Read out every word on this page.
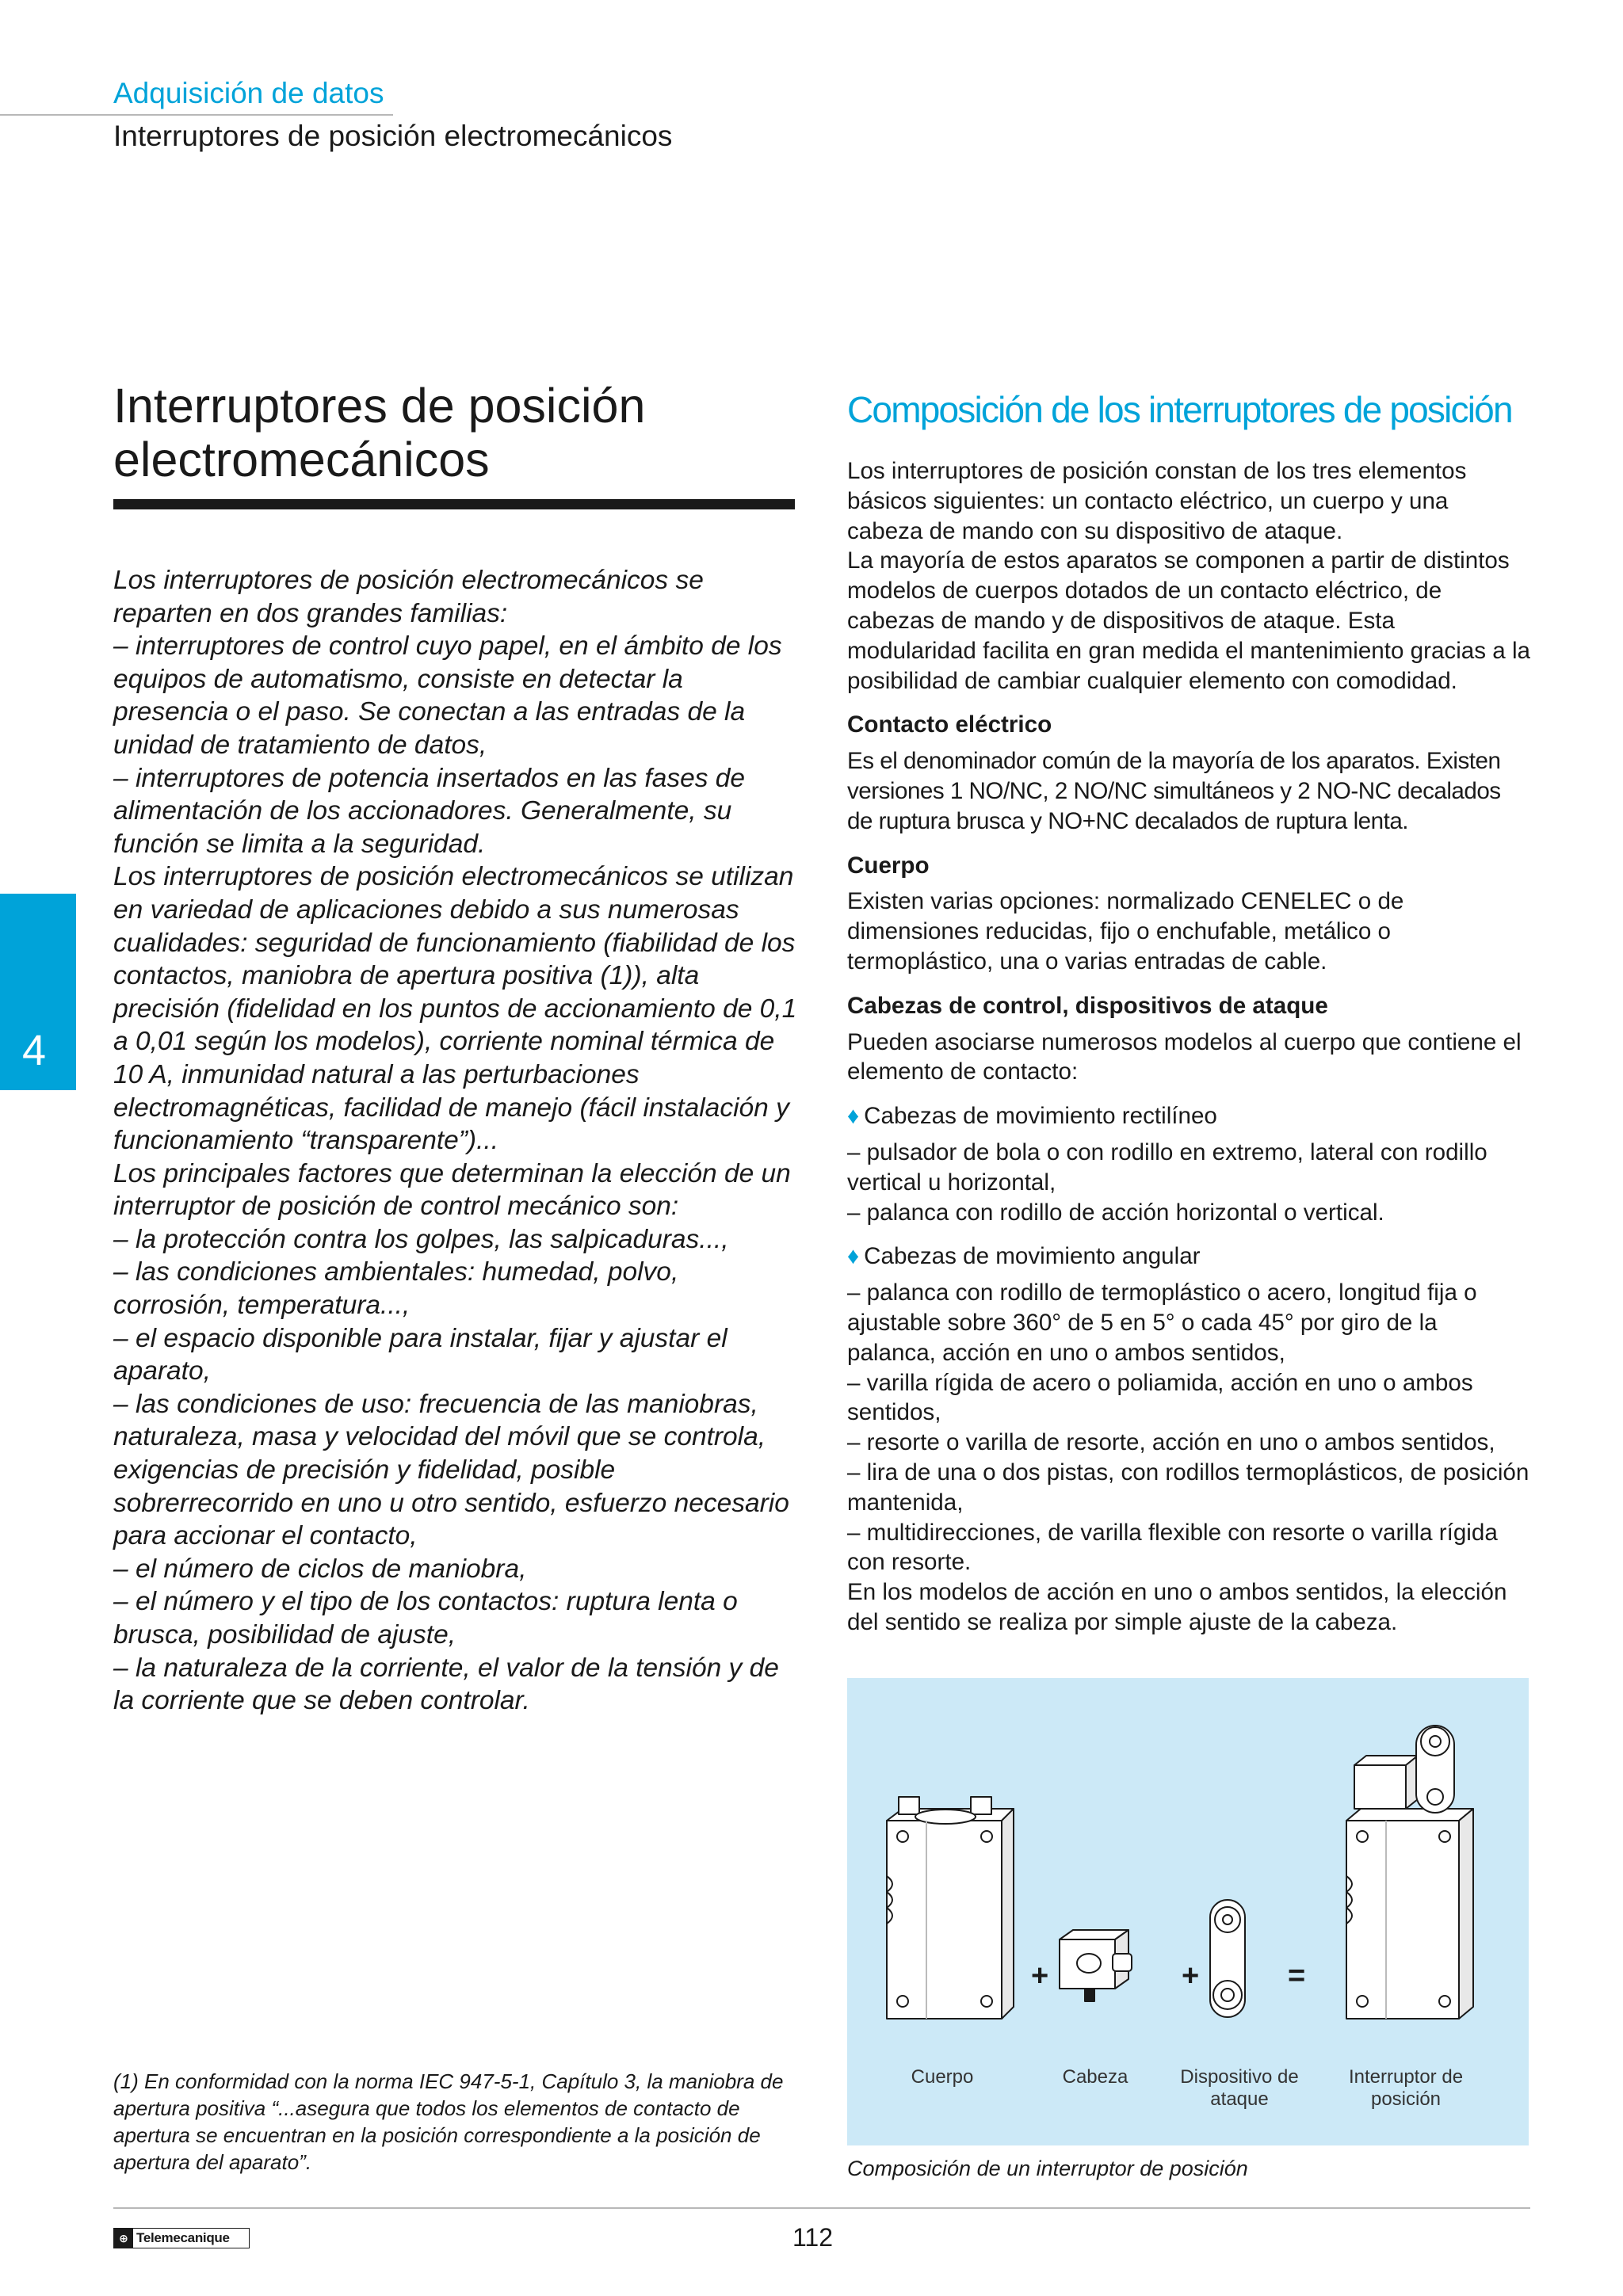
Adquisición de datos
Interruptores de posición electromecánicos
4
Interruptores de posición
electromecánicos

Los interruptores de posición electromecánicos se reparten en dos grandes familias:

– interruptores de control cuyo papel, en el ámbito de los equipos de automatismo, consiste en detectar la presencia o el paso. Se conectan a las entradas de la unidad de tratamiento de datos,

– interruptores de potencia insertados en las fases de alimentación de los accionadores. Generalmente, su función se limita a la seguridad.

Los interruptores de posición electromecánicos se utilizan en variedad de aplicaciones debido a sus numerosas cualidades: seguridad de funcionamiento (fiabilidad de los contactos, maniobra de apertura positiva (1)), alta precisión (fidelidad en los puntos de accionamiento de 0,1 a 0,01 según los modelos), corriente nominal térmica de 10 A, inmunidad natural a las perturbaciones electromagnéticas, facilidad de manejo (fácil instalación y funcionamiento “transparente”)...

Los principales factores que determinan la elección de un interruptor de posición de control mecánico son:

– la protección contra los golpes, las salpicaduras...,

– las condiciones ambientales: humedad, polvo, corrosión, temperatura...,

– el espacio disponible para instalar, fijar y ajustar el aparato,

– las condiciones de uso: frecuencia de las maniobras, naturaleza, masa y velocidad del móvil que se controla, exigencias de precisión y fidelidad, posible sobrerrecorrido en uno u otro sentido, esfuerzo necesario para accionar el contacto,

– el número de ciclos de maniobra,

– el número y el tipo de los contactos: ruptura lenta o brusca, posibilidad de ajuste,

– la naturaleza de la corriente, el valor de la tensión y de la corriente que se deben controlar.

(1) En conformidad con la norma IEC 947-5-1, Capítulo 3, la maniobra de apertura positiva “...asegura que todos los elementos de contacto de apertura se encuentran en la posición correspondiente a la posición de apertura del aparato”.
Composición de los interruptores de posición

Los interruptores de posición constan de los tres elementos básicos siguientes: un contacto eléctrico, un cuerpo y una cabeza de mando con su dispositivo de ataque.

La mayoría de estos aparatos se componen a partir de distintos modelos de cuerpos dotados de un contacto eléctrico, de cabezas de mando y de dispositivos de ataque. Esta modularidad facilita en gran medida el mantenimiento gracias a la posibilidad de cambiar cualquier elemento con comodidad.

Contacto eléctrico

Es el denominador común de la mayoría de los aparatos. Existen versiones 1 NO/NC, 2 NO/NC simultáneos y 2 NO-NC decalados de ruptura brusca y NO+NC decalados de ruptura lenta.

Cuerpo

Existen varias opciones: normalizado CENELEC o de dimensiones reducidas, fijo o enchufable, metálico o termoplástico, una o varias entradas de cable.

Cabezas de control, dispositivos de ataque

Pueden asociarse numerosos modelos al cuerpo que contiene el elemento de contacto:

♦ Cabezas de movimiento rectilíneo

– pulsador de bola o con rodillo en extremo, lateral con rodillo vertical u horizontal,

– palanca con rodillo de acción horizontal o vertical.

♦ Cabezas de movimiento angular

– palanca con rodillo de termoplástico o acero, longitud fija o ajustable sobre 360° de 5 en 5° o cada 45° por giro de la palanca, acción en uno o ambos sentidos,

– varilla rígida de acero o poliamida, acción en uno o ambos sentidos,

– resorte o varilla de resorte, acción en uno o ambos sentidos,

– lira de una o dos pistas, con rodillos termoplásticos, de posición mantenida,

– multidirecciones, de varilla flexible con resorte o varilla rígida con resorte.

En los modelos de acción en uno o ambos sentidos, la elección del sentido se realiza por simple ajuste de la cabeza.

+	+	=
Cuerpo	Cabeza	Dispositivo de
ataque
Interruptor de
posición
Composición de un interruptor de posición
⊕ Telemecanique	112
